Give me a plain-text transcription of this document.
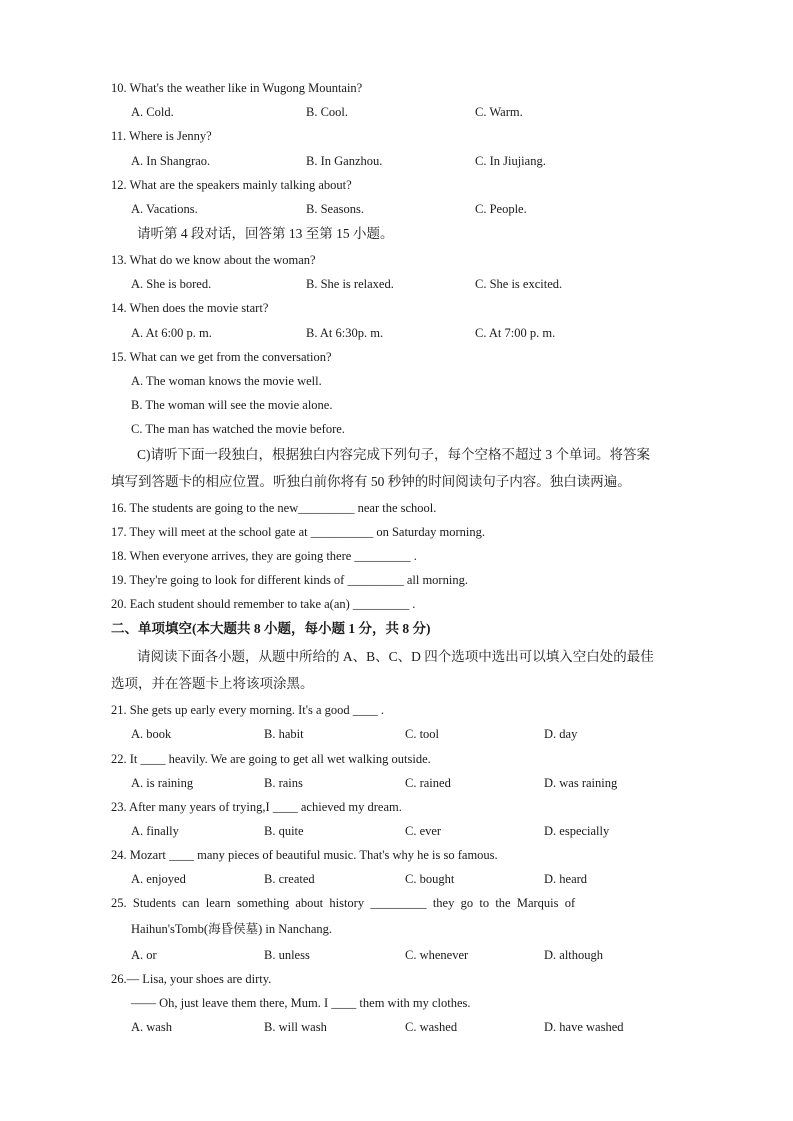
10. What's the weather like in Wugong Mountain?
A. Cold.	B. Cool.	C. Warm.
11. Where is Jenny?
A. In Shangrao.	B. In Ganzhou.	C. In Jiujiang.
12. What are the speakers mainly talking about?
A. Vacations.	B. Seasons.	C. People.
请听第 4 段对话，回答第 13 至第 15 小题。
13. What do we know about the woman?
A. She is bored.	B. She is relaxed.	C. She is excited.
14. When does the movie start?
A. At 6:00 p. m.	B. At 6:30p. m.	C. At 7:00 p. m.
15. What can we get from the conversation?
A. The woman knows the movie well.
B. The woman will see the movie alone.
C. The man has watched the movie before.
C)请听下面一段独白，根据独白内容完成下列句子，每个空格不超过 3 个单词。将答案
填写到答题卡的相应位置。听独白前你将有 50 秒钟的时间阅读句子内容。独白读两遍。
16. The students are going to the new_________ near the school.
17. They will meet at the school gate at __________ on Saturday morning.
18. When everyone arrives, they are going there _________ .
19. They're going to look for different kinds of _________ all morning.
20. Each student should remember to take a(an) _________ .
二、单项填空(本大题共 8 小题，每小题 1 分，共 8 分)
请阅读下面各小题，从题中所给的 A、B、C、D 四个选项中选出可以填入空白处的最佳
选项，并在答题卡上将该项涂黑。
21. She gets up early every morning. It's a good ____ .
A. book	B. habit	C. tool	D. day
22. It ____ heavily. We are going to get all wet walking outside.
A. is raining	B. rains	C. rained	D. was raining
23. After many years of trying,I ____ achieved my dream.
A. finally	B. quite	C. ever	D. especially
24. Mozart ____ many pieces of beautiful music. That's why he is so famous.
A. enjoyed	B. created	C. bought	D. heard
25.  Students  can  learn  something  about  history  _________  they  go  to  the  Marquis  of
Haihun'sTomb(海昏侯墓) in Nanchang.
A. or	B. unless	C. whenever	D. although
26.— Lisa, your shoes are dirty.
—— Oh, just leave them there, Mum. I ____ them with my clothes.
A. wash	B. will wash	C. washed	D. have washed
